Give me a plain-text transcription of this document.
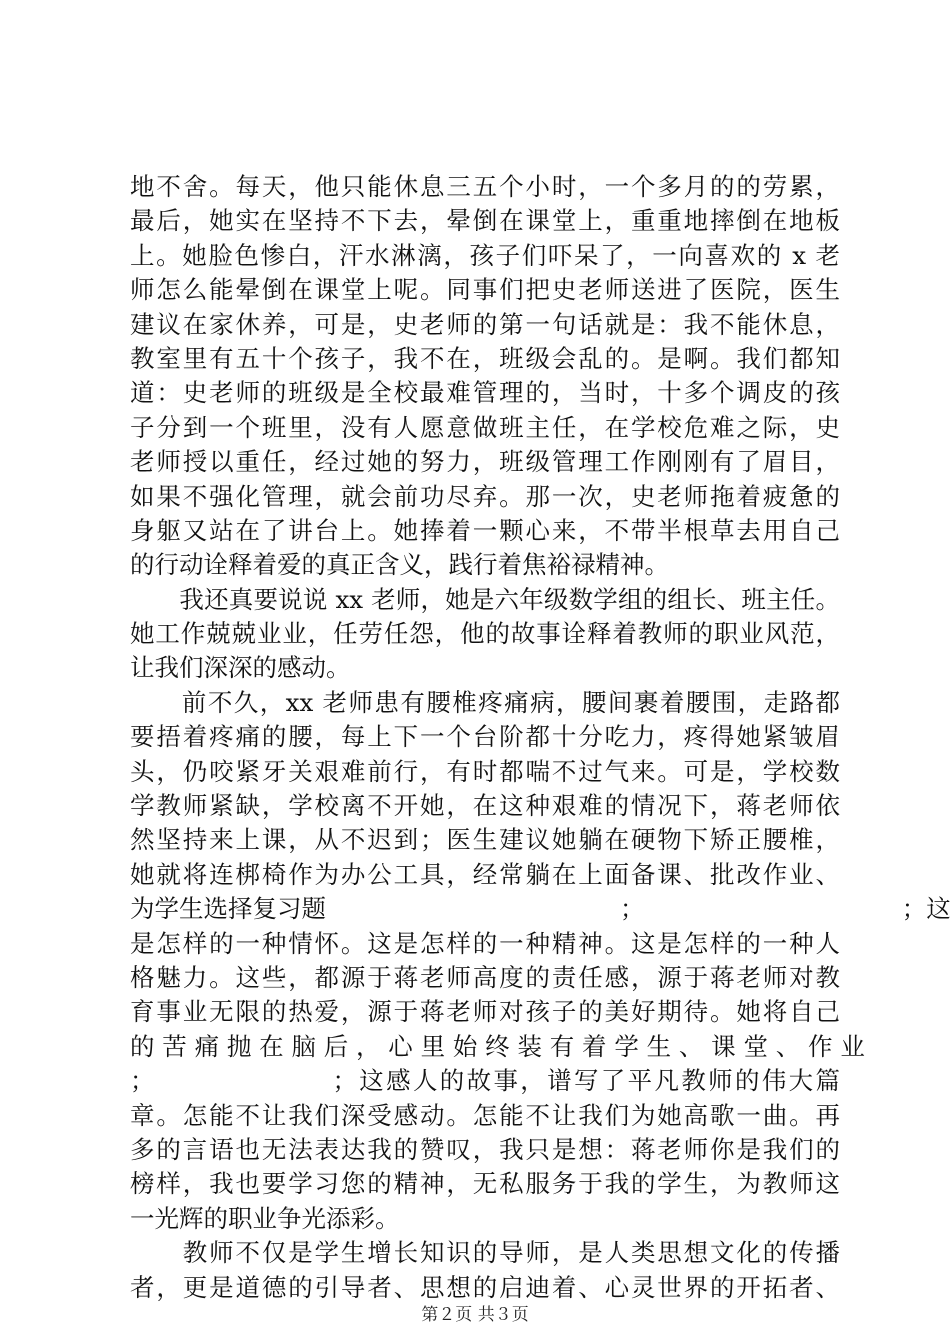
地不舍。每天，他只能休息三五个小时，一个多月的的劳累，
最后，她实在坚持不下去，晕倒在课堂上，重重地摔倒在地板
上。她脸色惨白，汗水淋漓，孩子们吓呆了，一向喜欢的 x 老
师怎么能晕倒在课堂上呢。同事们把史老师送进了医院，医生
建议在家休养，可是，史老师的第一句话就是：我不能休息，
教室里有五十个孩子，我不在，班级会乱的。是啊。我们都知
道：史老师的班级是全校最难管理的，当时，十多个调皮的孩
子分到一个班里，没有人愿意做班主任，在学校危难之际，史
老师授以重任，经过她的努力，班级管理工作刚刚有了眉目，
如果不强化管理，就会前功尽弃。那一次，史老师拖着疲惫的
身躯又站在了讲台上。她捧着一颗心来，不带半根草去用自己
的行动诠释着爱的真正含义，践行着焦裕禄精神。
　　我还真要说说 xx 老师，她是六年级数学组的组长、班主任。
她工作兢兢业业，任劳任怨，他的故事诠释着教师的职业风范，
让我们深深的感动。
　　前不久，xx 老师患有腰椎疼痛病，腰间裹着腰围，走路都
要捂着疼痛的腰，每上下一个台阶都十分吃力，疼得她紧皱眉
头，仍咬紧牙关艰难前行，有时都喘不过气来。可是，学校数
学教师紧缺，学校离不开她，在这种艰难的情况下，蒋老师依
然坚持来上课，从不迟到；医生建议她躺在硬物下矫正腰椎，
她就将连梆椅作为办公工具，经常躺在上面备课、批改作业、
为学生选择复习题　　　　　　　　　　　　；　　　　　　　　　　　；这
是怎样的一种情怀。这是怎样的一种精神。这是怎样的一种人
格魅力。这些，都源于蒋老师高度的责任感，源于蒋老师对教
育事业无限的热爱，源于蒋老师对孩子的美好期待。她将自己
的 苦 痛 抛 在 脑 后 ， 心 里 始 终 装 有 着 学 生 、 课 堂 、 作 业
；　　　　　　　；这感人的故事，谱写了平凡教师的伟大篇
章。怎能不让我们深受感动。怎能不让我们为她高歌一曲。再
多的言语也无法表达我的赞叹，我只是想：蒋老师你是我们的
榜样，我也要学习您的精神，无私服务于我的学生，为教师这
一光辉的职业争光添彩。
　　教师不仅是学生增长知识的导师，是人类思想文化的传播
者，更是道德的引导者、思想的启迪着、心灵世界的开拓者、
第２页 共３页
